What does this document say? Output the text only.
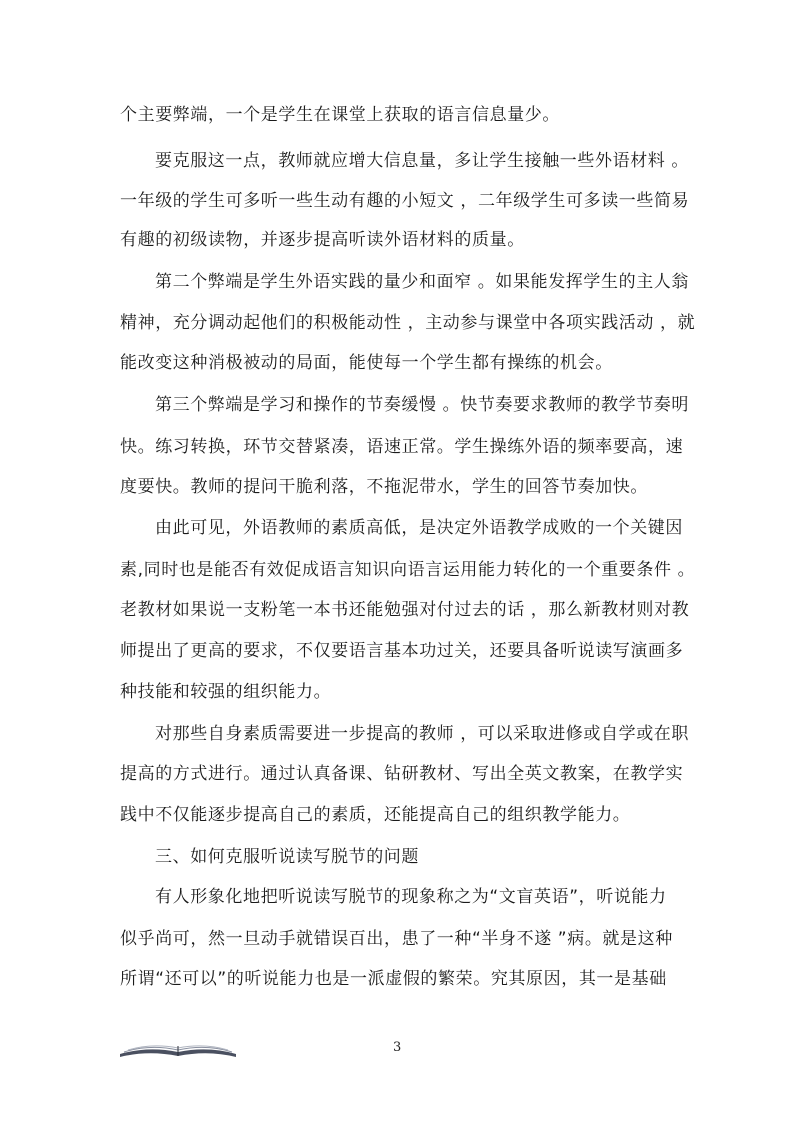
个主要弊端，一个是学生在课堂上获取的语言信息量少。
要克服这一点，教师就应增大信息量，多让学生接触一些外语材料 。
一年级的学生可多听一些生动有趣的小短文 ，二年级学生可多读一些简易
有趣的初级读物，并逐步提高听读外语材料的质量。
第二个弊端是学生外语实践的量少和面窄 。如果能发挥学生的主人翁
精神，充分调动起他们的积极能动性 ，主动参与课堂中各项实践活动 ，就
能改变这种消极被动的局面，能使每一个学生都有操练的机会。
第三个弊端是学习和操作的节奏缓慢 。快节奏要求教师的教学节奏明
快。练习转换，环节交替紧凑，语速正常。学生操练外语的频率要高，速
度要快。教师的提问干脆利落，不拖泥带水，学生的回答节奏加快。
由此可见，外语教师的素质高低，是决定外语教学成败的一个关键因
素,同时也是能否有效促成语言知识向语言运用能力转化的一个重要条件 。
老教材如果说一支粉笔一本书还能勉强对付过去的话 ，那么新教材则对教
师提出了更高的要求，不仅要语言基本功过关，还要具备听说读写演画多
种技能和较强的组织能力。
对那些自身素质需要进一步提高的教师 ，可以采取进修或自学或在职
提高的方式进行。通过认真备课、钻研教材、写出全英文教案，在教学实
践中不仅能逐步提高自己的素质，还能提高自己的组织教学能力。
三、如何克服听说读写脱节的问题
有人形象化地把听说读写脱节的现象称之为“文盲英语”，听说能力
似乎尚可，然一旦动手就错误百出，患了一种“半身不遂 ”病。就是这种
所谓“还可以”的听说能力也是一派虚假的繁荣。究其原因，其一是基础
3
